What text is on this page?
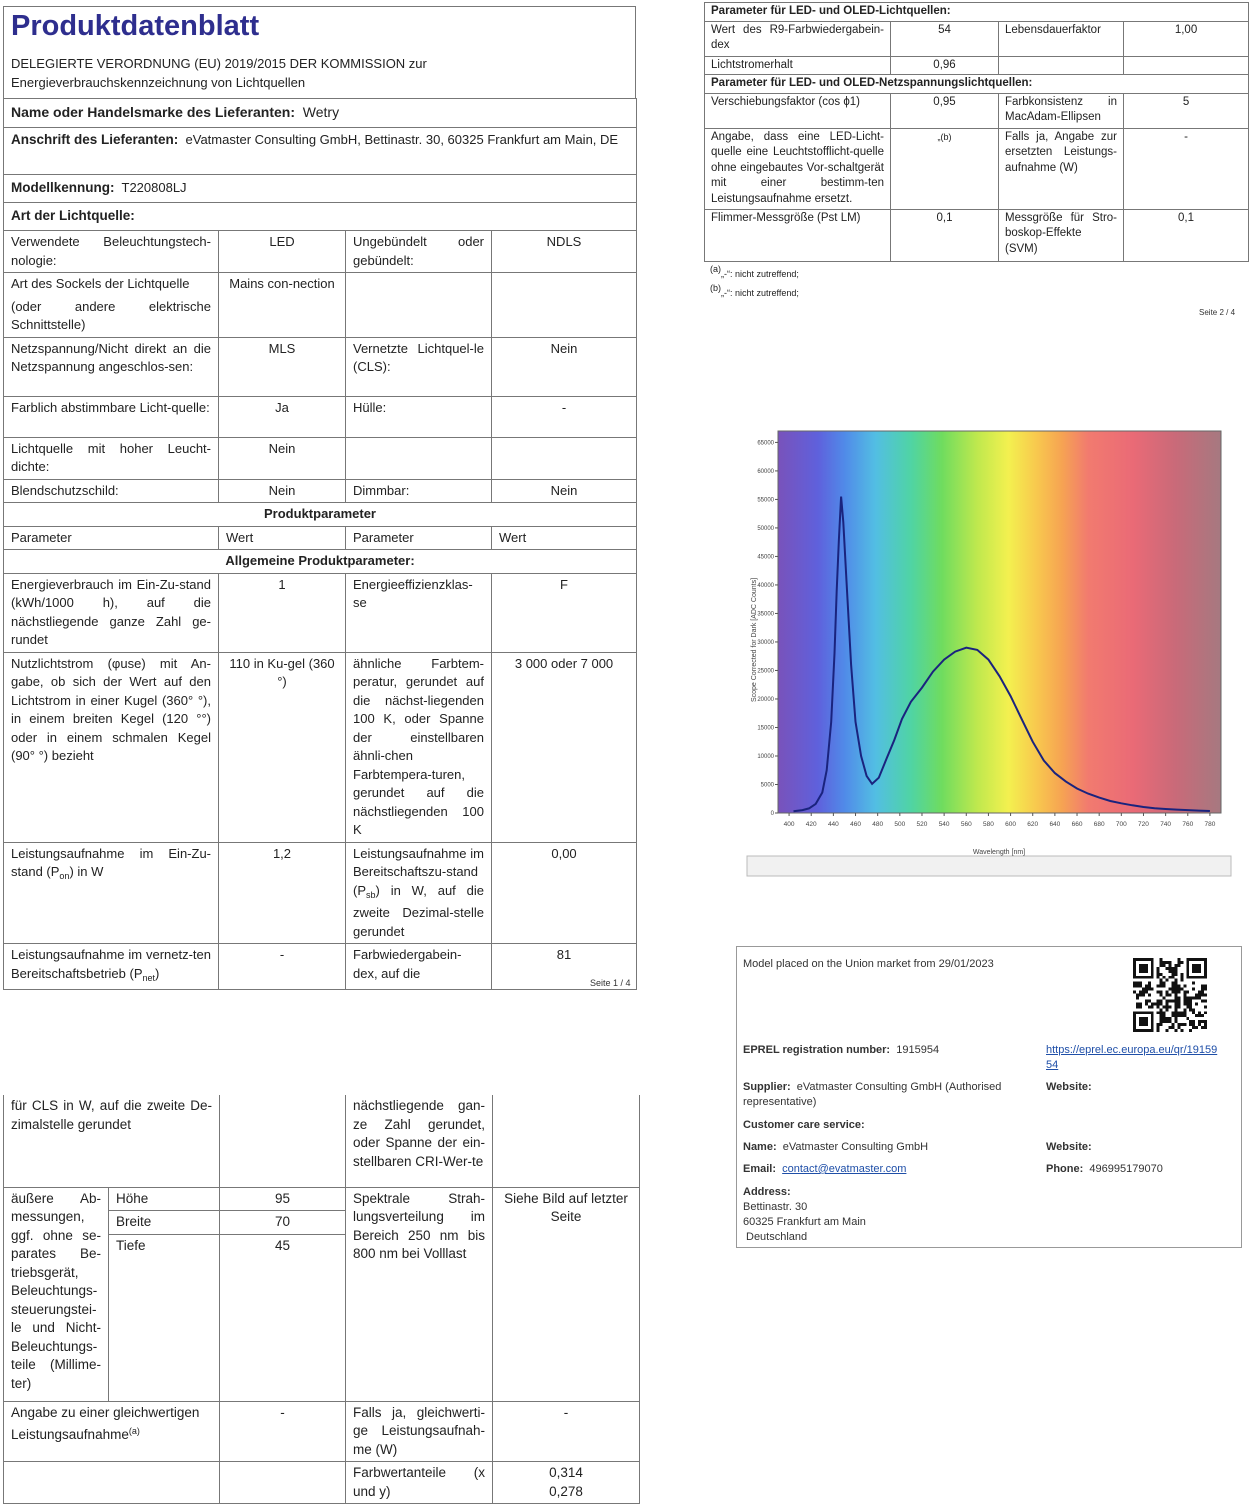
Produktdatenblatt
DELEGIERTE VERORDNUNG (EU) 2019/2015 DER KOMMISSION zur Energieverbrauchskennzeichnung von Lichtquellen
Name oder Handelsmarke des Lieferanten: Wetry			
Anschrift des Lieferanten: eVatmaster Consulting GmbH, Bettinastr. 30, 60325 Frankfurt am Main, DE			
Modellkennung: T220808LJ			
Art der Lichtquelle:			
Verwendete Beleuchtungstech-nologie:	LED	Ungebündelt oder gebündelt:	NDLS

Art des Sockels der Lichtquelle
(oder andere elektrische Schnittstelle)	Mains con-nection		
Netzspannung/Nicht direkt an die Netzspannung angeschlos-sen:	MLS	Vernetzte Lichtquel-le (CLS):	Nein
Farblich abstimmbare Licht-quelle:	Ja	Hülle:	-
Lichtquelle mit hoher Leucht-dichte:	Nein		
Blendschutzschild:	Nein	Dimmbar:	Nein
Produktparameter			
Parameter	Wert	Parameter	Wert
Allgemeine Produktparameter:			
Energieverbrauch im Ein-Zu-stand (kWh/1000 h), auf die nächstliegende ganze Zahl ge-rundet	1	Energieeffizienzklas-se	F
Nutzlichtstrom (φuse) mit An-gabe, ob sich der Wert auf den Lichtstrom in einer Kugel (360° °), in einem breiten Kegel (120 °°) oder in einem schmalen Kegel (90° °) bezieht	110 in Ku-gel (360 °)	ähnliche Farbtem-peratur, gerundet auf die nächst-liegenden 100 K, oder Spanne der einstellbaren ähnli-chen Farbtempera-turen, gerundet auf die nächstliegenden 100 K	3 000 oder 7 000
Leistungsaufnahme im Ein-Zu-stand $(P_{on})$ in W	1,2	Leistungsaufnahme im Bereitschaftszu-stand $(P_{sb})$ in W, auf die zweite Dezimal-stelle gerundet	0,00
Leistungsaufnahme im vernetz-ten Bereitschaftsbetrieb $(P_{net})$	-	Farbwiedergabein-dex, auf die	81
Seite 1 / 4
Parameter für LED- und OLED-Lichtquellen:			
Wert des R9-Farbwiedergabein-dex	54	Lebensdauerfaktor	1,00
Lichtstromerhalt	0,96		
Parameter für LED- und OLED-Netzspannungslichtquellen:			
Verschiebungsfaktor (cos ϕ1)	0,95	Farbkonsistenz in MacAdam-Ellipsen	5
Angabe, dass eine LED-Licht-quelle eine Leuchtstofflicht-quelle ohne eingebautes Vor-schaltgerät mit einer bestimm-ten Leistungsaufnahme ersetzt.	„(b)	Falls ja, Angabe zur ersetzten Leistungs-aufnahme (W)	-
Flimmer-Messgröße (Pst LM)	0,1	Messgröße für Stro-boskop-Effekte (SVM)	0,1
(a)„-“: nicht zutreffend;
(b)„-“: nicht zutreffend;
Seite 2 / 4
0
5000
10000
15000
20000
25000
30000
35000
40000
45000
50000
55000
60000
65000
400 420 440 460 480 500 520 540 560 580 600 620 640 660 680 700 720 740 760 780
Wavelength [nm]
Scope Corrected for Dark [ADC Counts]
für CLS in W, auf die zweite De-zimalstelle gerundet			nächstliegende gan-ze Zahl gerundet, oder Spanne der ein-stellbaren CRI-Wer-te	
äußere Ab-messungen, ggf. ohne se-parates Be-triebsgerät, Beleuchtungs-steuerungstei-le und Nicht-Beleuchtungs-teile (Millime-ter)	Höhe	95	Spektrale Strah-lungsverteilung im Bereich 250 nm bis 800 nm bei Volllast	Siehe Bild auf letzter Seite
	Breite	70		
	Tiefe	45		
Angabe zu einer gleichwertigen Leistungsaufnahme$^{(a)}$		-	Falls ja, gleichwerti-ge Leistungsaufnah-me (W)	-
			Farbwertanteile (x und y)	0,314
0,278
Model placed on the Union market from 29/01/2023
EPREL registration number: 1915954	https://eprel.ec.europa.eu/qr/1915954
Supplier: eVatmaster Consulting GmbH (Authorised representative)
Website:
Customer care service:
Name: eVatmaster Consulting GmbH	Website:
Email: contact@evatmaster.com	Phone: 496995179070
Address:
Bettinastr. 30
60325 Frankfurt am Main
Deutschland
